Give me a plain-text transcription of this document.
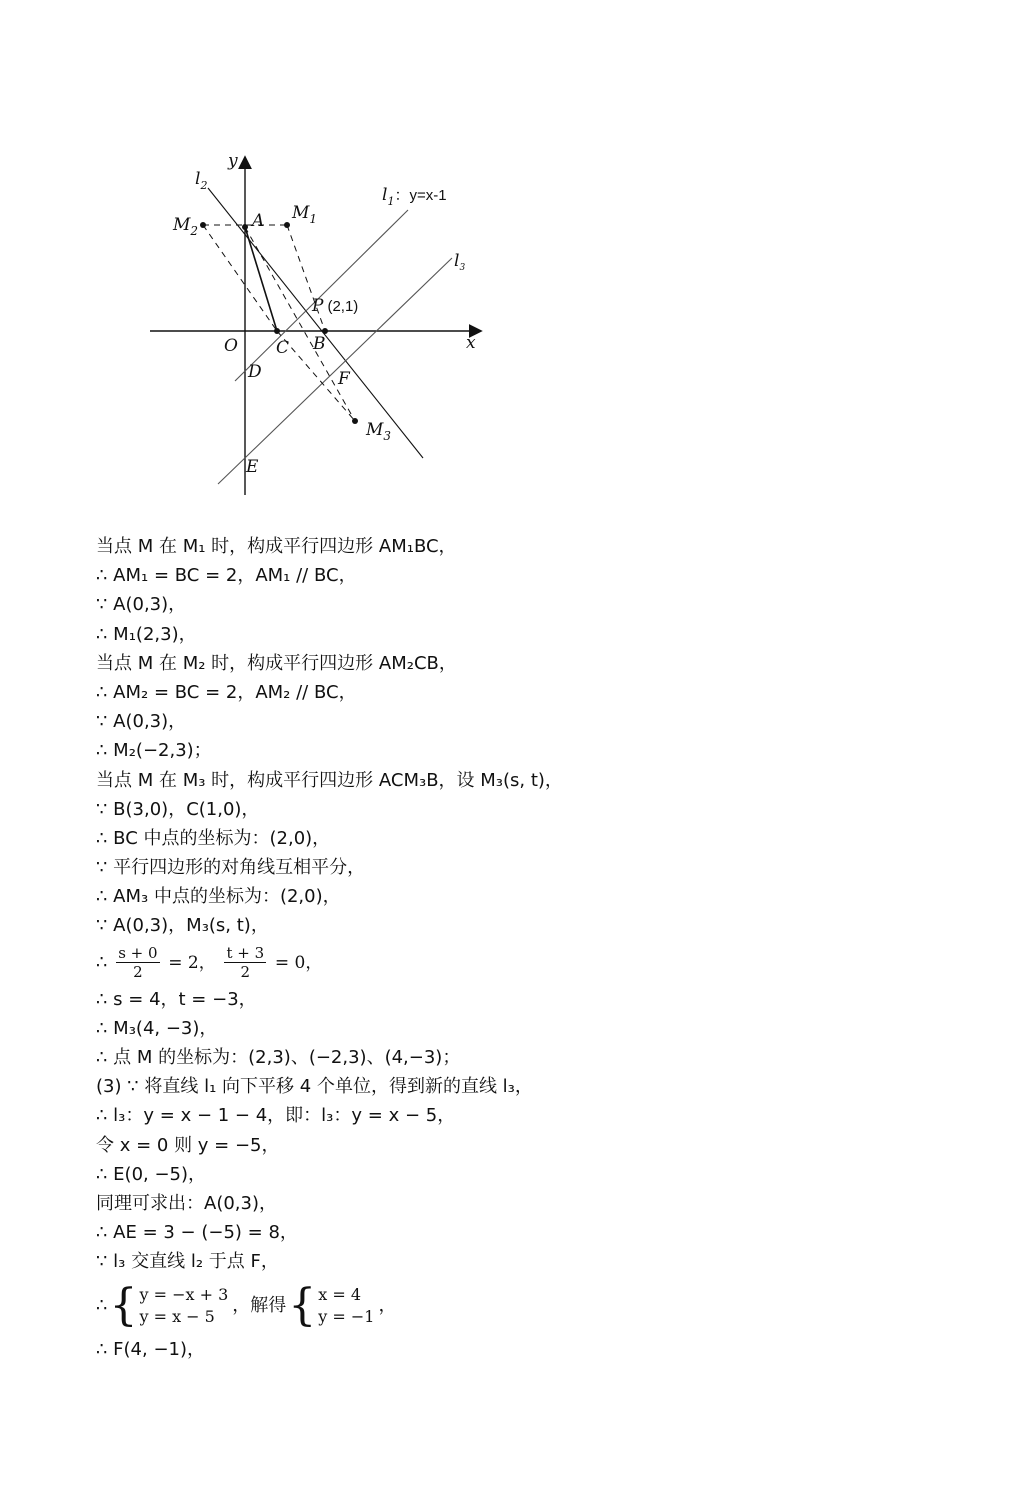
y
x
O
$l_2$	$l_1$：y=x-1
$l_3$
A $M_1$
$M_2$
P (2,1)
C B
D	F
$M_3$
E
当点 M 在 M₁ 时，构成平行四边形 AM₁BC，
∴ AM₁ = BC = 2，AM₁ // BC，
∵ A(0,3)，
∴ M₁(2,3)，
当点 M 在 M₂ 时，构成平行四边形 AM₂CB，
∴ AM₂ = BC = 2，AM₂ // BC，
∵ A(0,3)，
∴ M₂(−2,3)；
当点 M 在 M₃ 时，构成平行四边形 ACM₃B，设 M₃(s, t)，
∵ B(3,0)，C(1,0)，
∴ BC 中点的坐标为：(2,0)，
∵ 平行四边形的对角线互相平分，
∴ AM₃ 中点的坐标为：(2,0)，
∵ A(0,3)，M₃(s, t)，
∴ $\frac{s + 0}{2} = 2$， $\frac{t + 3}{2} = 0$，
∴ s = 4，t = −3，
∴ M₃(4, −3)，
∴ 点 M 的坐标为：(2,3)、(−2,3)、(4,−3)；
(3) ∵ 将直线 l₁ 向下平移 4 个单位，得到新的直线 l₃，
∴ l₃：y = x − 1 − 4，即：l₃：y = x − 5，
令 x = 0 则 y = −5，
∴ E(0, −5)，
同理可求出：A(0,3)，
∴ AE = 3 − (−5) = 8，
∵ l₃ 交直线 l₂ 于点 F，
∴ { y = −x + 3
y = x − 5
，解得 { x = 4
y = −1
，
∴ F(4, −1)，
